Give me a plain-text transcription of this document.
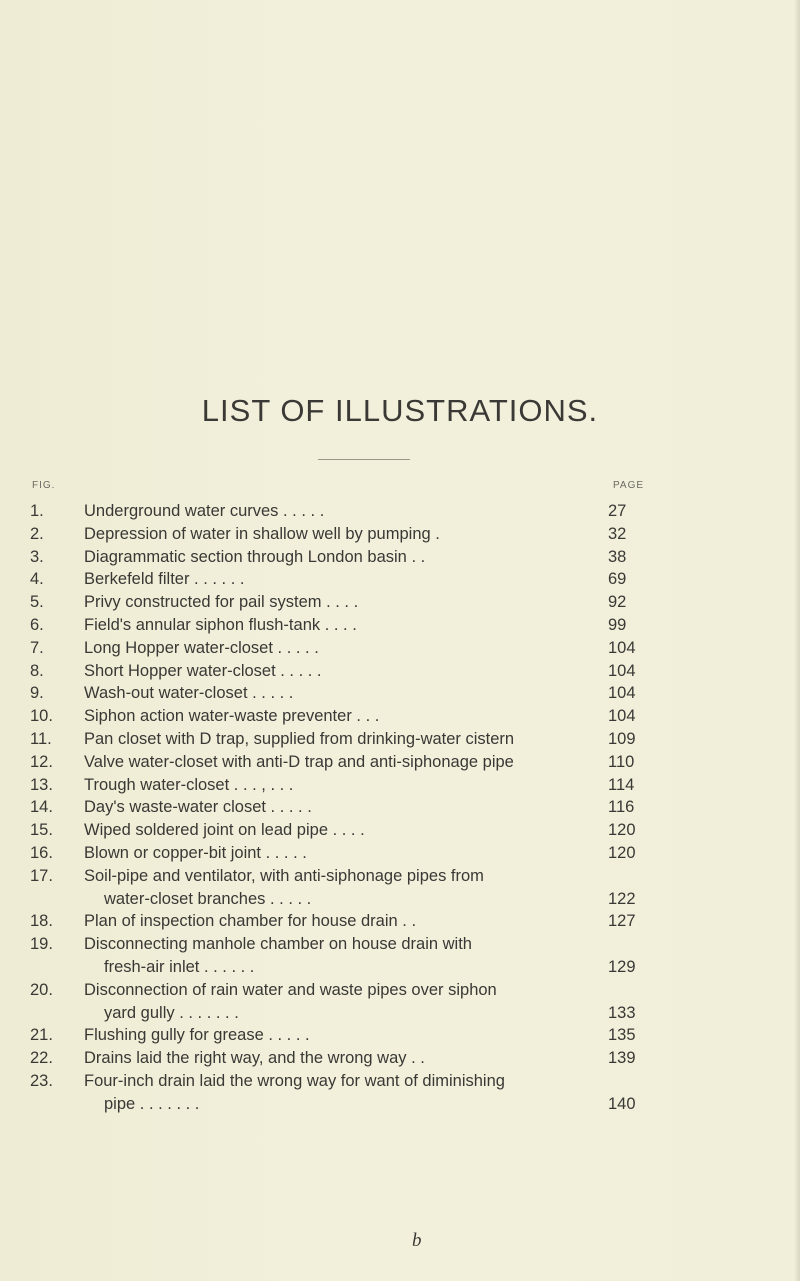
LIST OF ILLUSTRATIONS.
FIG.	PAGE
1.	Underground water curves . . . . .	27
2.	Depression of water in shallow well by pumping .	32
3.	Diagrammatic section through London basin . .	38
4.	Berkefeld filter . . . . . .	69
5.	Privy constructed for pail system . . . .	92
6.	Field's annular siphon flush-tank . . . .	99
7.	Long Hopper water-closet . . . . .	104
8.	Short Hopper water-closet . . . . .	104
9.	Wash-out water-closet . . . . .	104
10.	Siphon action water-waste preventer . . .	104
11.	Pan closet with D trap, supplied from drinking-water cistern	109
12.	Valve water-closet with anti-D trap and anti-siphonage pipe	110
13.	Trough water-closet . . . , . . .	114
14.	Day's waste-water closet . . . . .	116
15.	Wiped soldered joint on lead pipe . . . .	120
16.	Blown or copper-bit joint . . . . .	120
17.	Soil-pipe and ventilator, with anti-siphonage pipes from
water-closet branches . . . . .	122
18.	Plan of inspection chamber for house drain . .	127
19.	Disconnecting manhole chamber on house drain with
fresh-air inlet . . . . . .	129
20.	Disconnection of rain water and waste pipes over siphon
yard gully . . . . . . .	133
21.	Flushing gully for grease . . . . .	135
22.	Drains laid the right way, and the wrong way . .	139
23.	Four-inch drain laid the wrong way for want of diminishing
pipe . . . . . . .	140
b
